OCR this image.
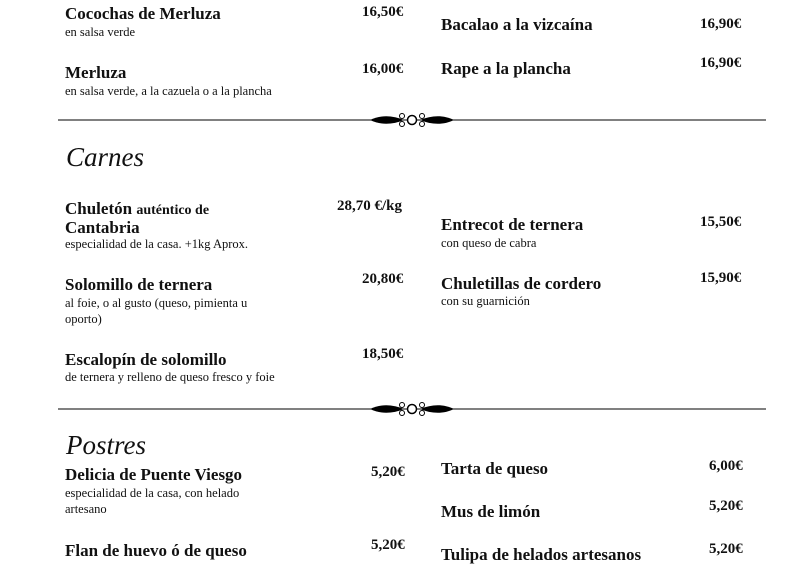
Cocochas de Merluza
en salsa verde
16,50€
Merluza
en salsa verde, a la cazuela o a la plancha
16,00€
Bacalao a la vizcaína	16,90€
Rape a la plancha	16,90€
Carnes
Chuletón auténtico de
Cantabria
especialidad de la casa. +1kg Aprox.
28,70 €/kg
Solomillo de ternera
al foie, o al gusto (queso, pimienta u
oporto)
20,80€
Escalopín de solomillo
de ternera y relleno de queso fresco y foie
18,50€
Entrecot de ternera
con queso de cabra
15,50€
Chuletillas de cordero
con su guarnición
15,90€
Postres
Delicia de Puente Viesgo
especialidad de la casa, con helado
artesano
5,20€
Flan de huevo ó de queso	5,20€
Tarta de queso	6,00€
Mus de limón	5,20€
Tulipa de helados artesanos	5,20€
